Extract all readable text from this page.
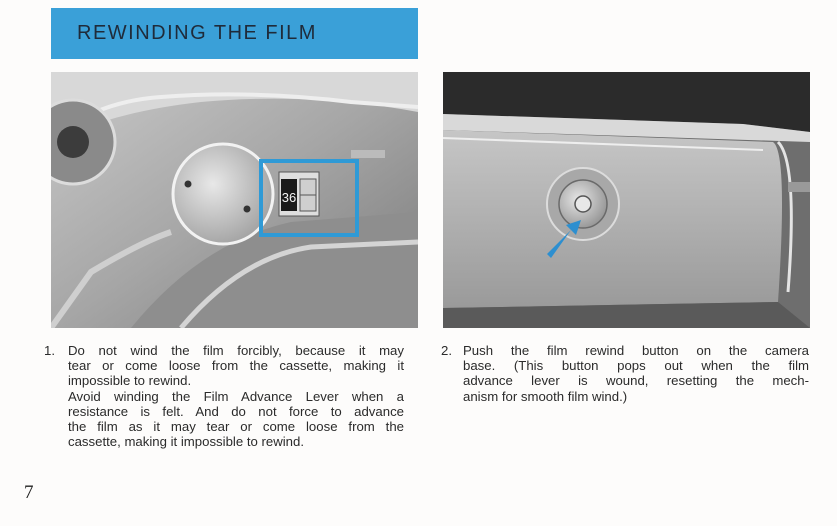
REWINDING THE FILM
36
1. Do not wind the film forcibly, because it may
tear or come loose from the cassette, making it
impossible to rewind.
Avoid winding the Film Advance Lever when a
resistance is felt. And do not force to advance
the film as it may tear or come loose from the
cassette, making it impossible to rewind.
2. Push the film rewind button on the camera
base. (This button pops out when the film
advance lever is wound, resetting the mech-
anism for smooth film wind.)
7
